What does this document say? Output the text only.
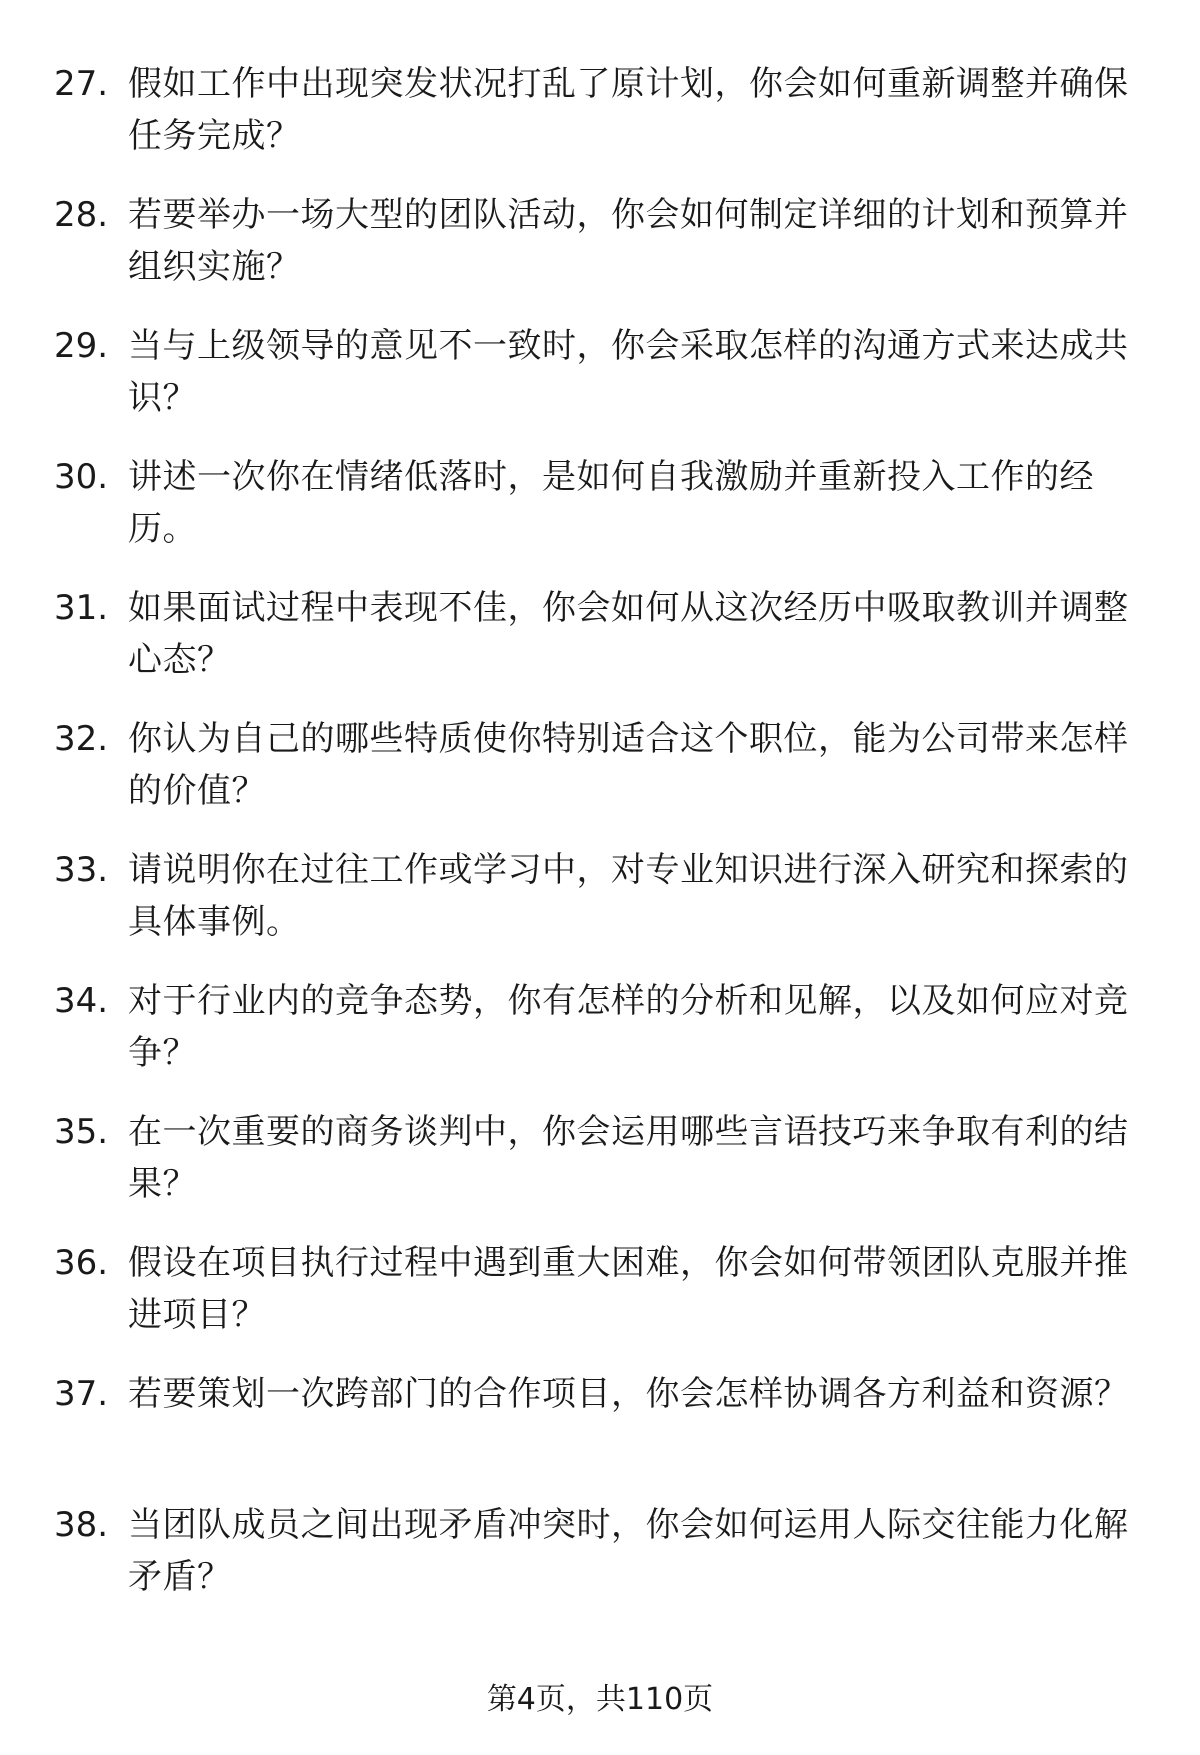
27. 假如工作中出现突发状况打乱了原计划，你会如何重新调整并确保任务完成？
28. 若要举办一场大型的团队活动，你会如何制定详细的计划和预算并组织实施？
29. 当与上级领导的意见不一致时，你会采取怎样的沟通方式来达成共识？
30. 讲述一次你在情绪低落时，是如何自我激励并重新投入工作的经历。
31. 如果面试过程中表现不佳，你会如何从这次经历中吸取教训并调整心态？
32. 你认为自己的哪些特质使你特别适合这个职位，能为公司带来怎样的价值？
33. 请说明你在过往工作或学习中，对专业知识进行深入研究和探索的具体事例。
34. 对于行业内的竞争态势，你有怎样的分析和见解，以及如何应对竞争？
35. 在一次重要的商务谈判中，你会运用哪些言语技巧来争取有利的结果？
36. 假设在项目执行过程中遇到重大困难，你会如何带领团队克服并推进项目？
37. 若要策划一次跨部门的合作项目，你会怎样协调各方利益和资源？
38. 当团队成员之间出现矛盾冲突时，你会如何运用人际交往能力化解矛盾？
第4页，共110页
